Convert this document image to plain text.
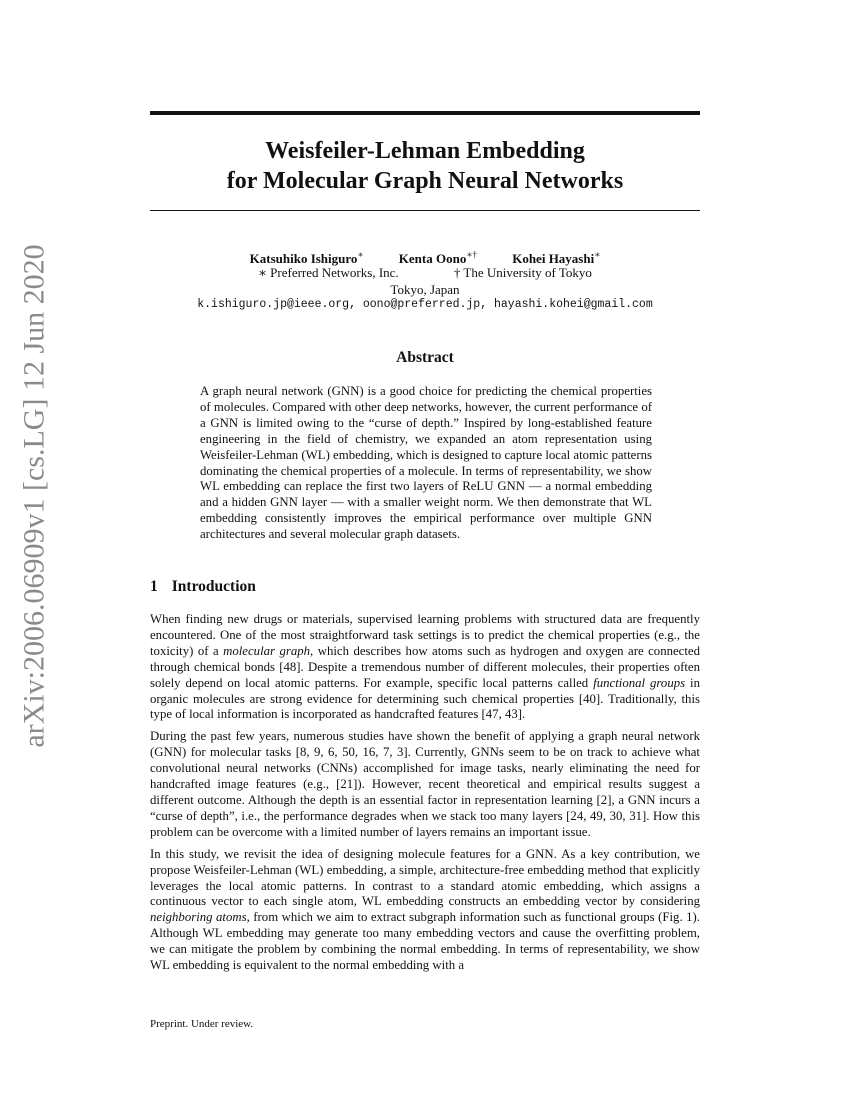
arXiv:2006.06909v1 [cs.LG] 12 Jun 2020
Weisfeiler-Lehman Embedding
for Molecular Graph Neural Networks
Katsuhiko Ishiguro∗	Kenta Oono∗†	Kohei Hayashi∗
∗ Preferred Networks, Inc.	† The University of Tokyo
Tokyo, Japan
k.ishiguro.jp@ieee.org, oono@preferred.jp, hayashi.kohei@gmail.com
Abstract
A graph neural network (GNN) is a good choice for predicting the chemical properties of molecules. Compared with other deep networks, however, the current performance of a GNN is limited owing to the “curse of depth.” Inspired by long-established feature engineering in the field of chemistry, we expanded an atom representation using Weisfeiler-Lehman (WL) embedding, which is designed to capture local atomic patterns dominating the chemical properties of a molecule. In terms of representability, we show WL embedding can replace the first two layers of ReLU GNN — a normal embedding and a hidden GNN layer — with a smaller weight norm. We then demonstrate that WL embedding consistently improves the empirical performance over multiple GNN architectures and several molecular graph datasets.
1 Introduction

When finding new drugs or materials, supervised learning problems with structured data are frequently encountered. One of the most straightforward task settings is to predict the chemical properties (e.g., the toxicity) of a molecular graph, which describes how atoms such as hydrogen and oxygen are connected through chemical bonds [48]. Despite a tremendous number of different molecules, their properties often solely depend on local atomic patterns. For example, specific local patterns called functional groups in organic molecules are strong evidence for determining such chemical properties [40]. Traditionally, this type of local information is incorporated as handcrafted features [47, 43].

During the past few years, numerous studies have shown the benefit of applying a graph neural network (GNN) for molecular tasks [8, 9, 6, 50, 16, 7, 3]. Currently, GNNs seem to be on track to achieve what convolutional neural networks (CNNs) accomplished for image tasks, nearly eliminating the need for handcrafted image features (e.g., [21]). However, recent theoretical and empirical results suggest a different outcome. Although the depth is an essential factor in representation learning [2], a GNN incurs a “curse of depth”, i.e., the performance degrades when we stack too many layers [24, 49, 30, 31]. How this problem can be overcome with a limited number of layers remains an important issue.

In this study, we revisit the idea of designing molecule features for a GNN. As a key contribution, we propose Weisfeiler-Lehman (WL) embedding, a simple, architecture-free embedding method that explicitly leverages the local atomic patterns. In contrast to a standard atomic embedding, which assigns a continuous vector to each single atom, WL embedding constructs an embedding vector by considering neighboring atoms, from which we aim to extract subgraph information such as functional groups (Fig. 1). Although WL embedding may generate too many embedding vectors and cause the overfitting problem, we can mitigate the problem by combining the normal embedding. In terms of representability, we show WL embedding is equivalent to the normal embedding with a

Preprint. Under review.
